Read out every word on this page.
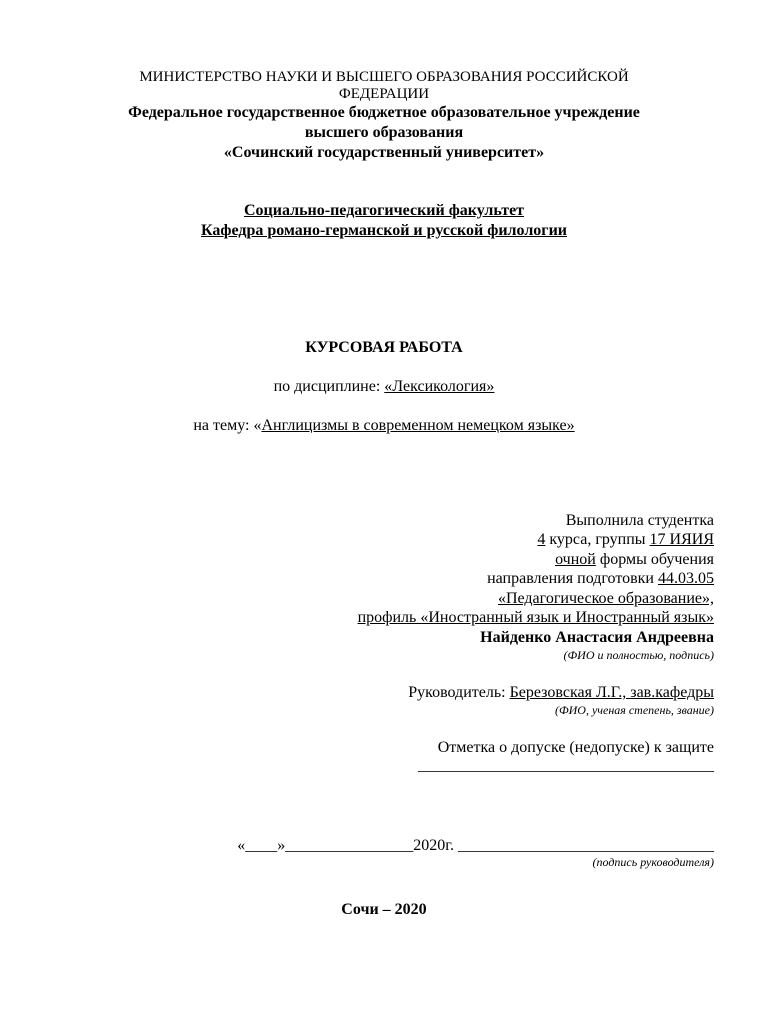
МИНИСТЕРСТВО НАУКИ И ВЫСШЕГО ОБРАЗОВАНИЯ РОССИЙСКОЙ
ФЕДЕРАЦИИ
Федеральное государственное бюджетное образовательное учреждение
высшего образования
«Сочинский государственный университет»
Социально-педагогический факультет
Кафедра романо-германской и русской филологии
КУРСОВАЯ РАБОТА
по дисциплине: «Лексикология»
на тему: «Англицизмы в современном немецком языке»
Выполнила студентка
4 курса, группы 17 ИЯИЯ
очной формы обучения
направления подготовки 44.03.05
«Педагогическое образование»,
профиль «Иностранный язык и Иностранный язык»
Найденко Анастасия Андреевна
(ФИО и полностью, подпись)
Руководитель: Березовская Л.Г., зав.кафедры
(ФИО, ученая степень, звание)
Отметка о допуске (недопуске) к защите
_____________________________________
«____»________________2020г. ________________________________
(подпись руководителя)
Сочи – 2020
